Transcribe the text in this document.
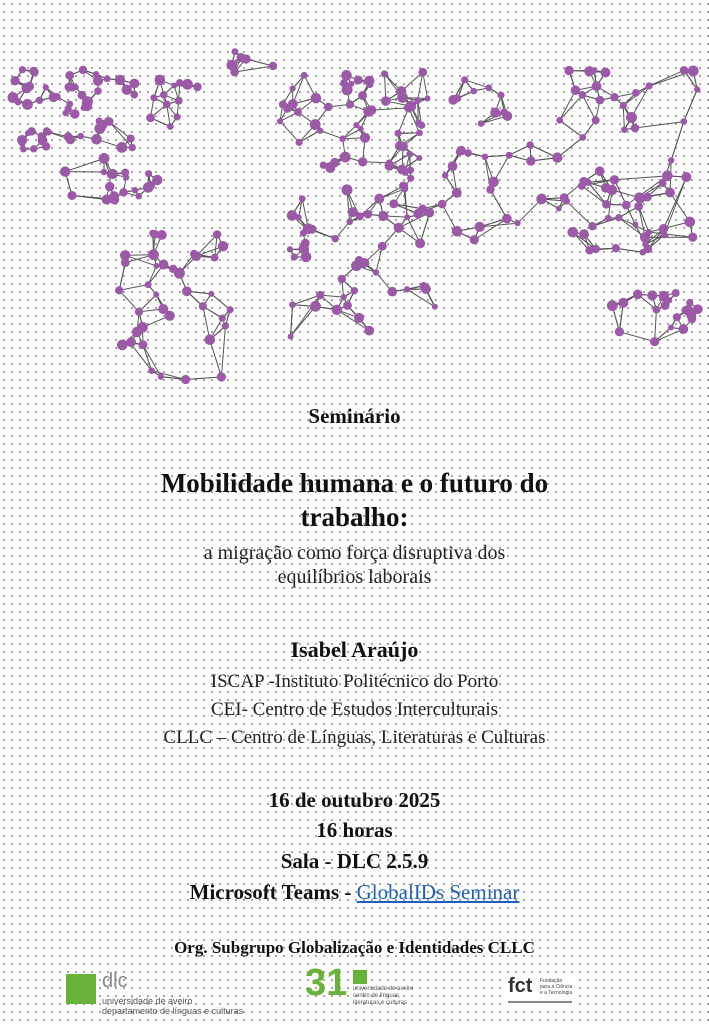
Seminário
Mobilidade humana e o futuro do
trabalho:
a migração como força disruptiva dos
equilíbrios laborais
Isabel Araújo
ISCAP -Instituto Politécnico do Porto
CEI- Centro de Estudos Interculturais
CLLC – Centro de Línguas, Literaturas e Culturas
16 de outubro 2025
16 horas
Sala - DLC 2.5.9
Microsoft Teams - GlobalIDs Seminar
Org. Subgrupo Globalização e Identidades CLLC
dlc
universidade de aveiro
departamento de línguas e culturas
31 universidade de aveiro
centro de línguas,
literaturas e culturas
fct Fundação
para a Ciência
e a Tecnologia
